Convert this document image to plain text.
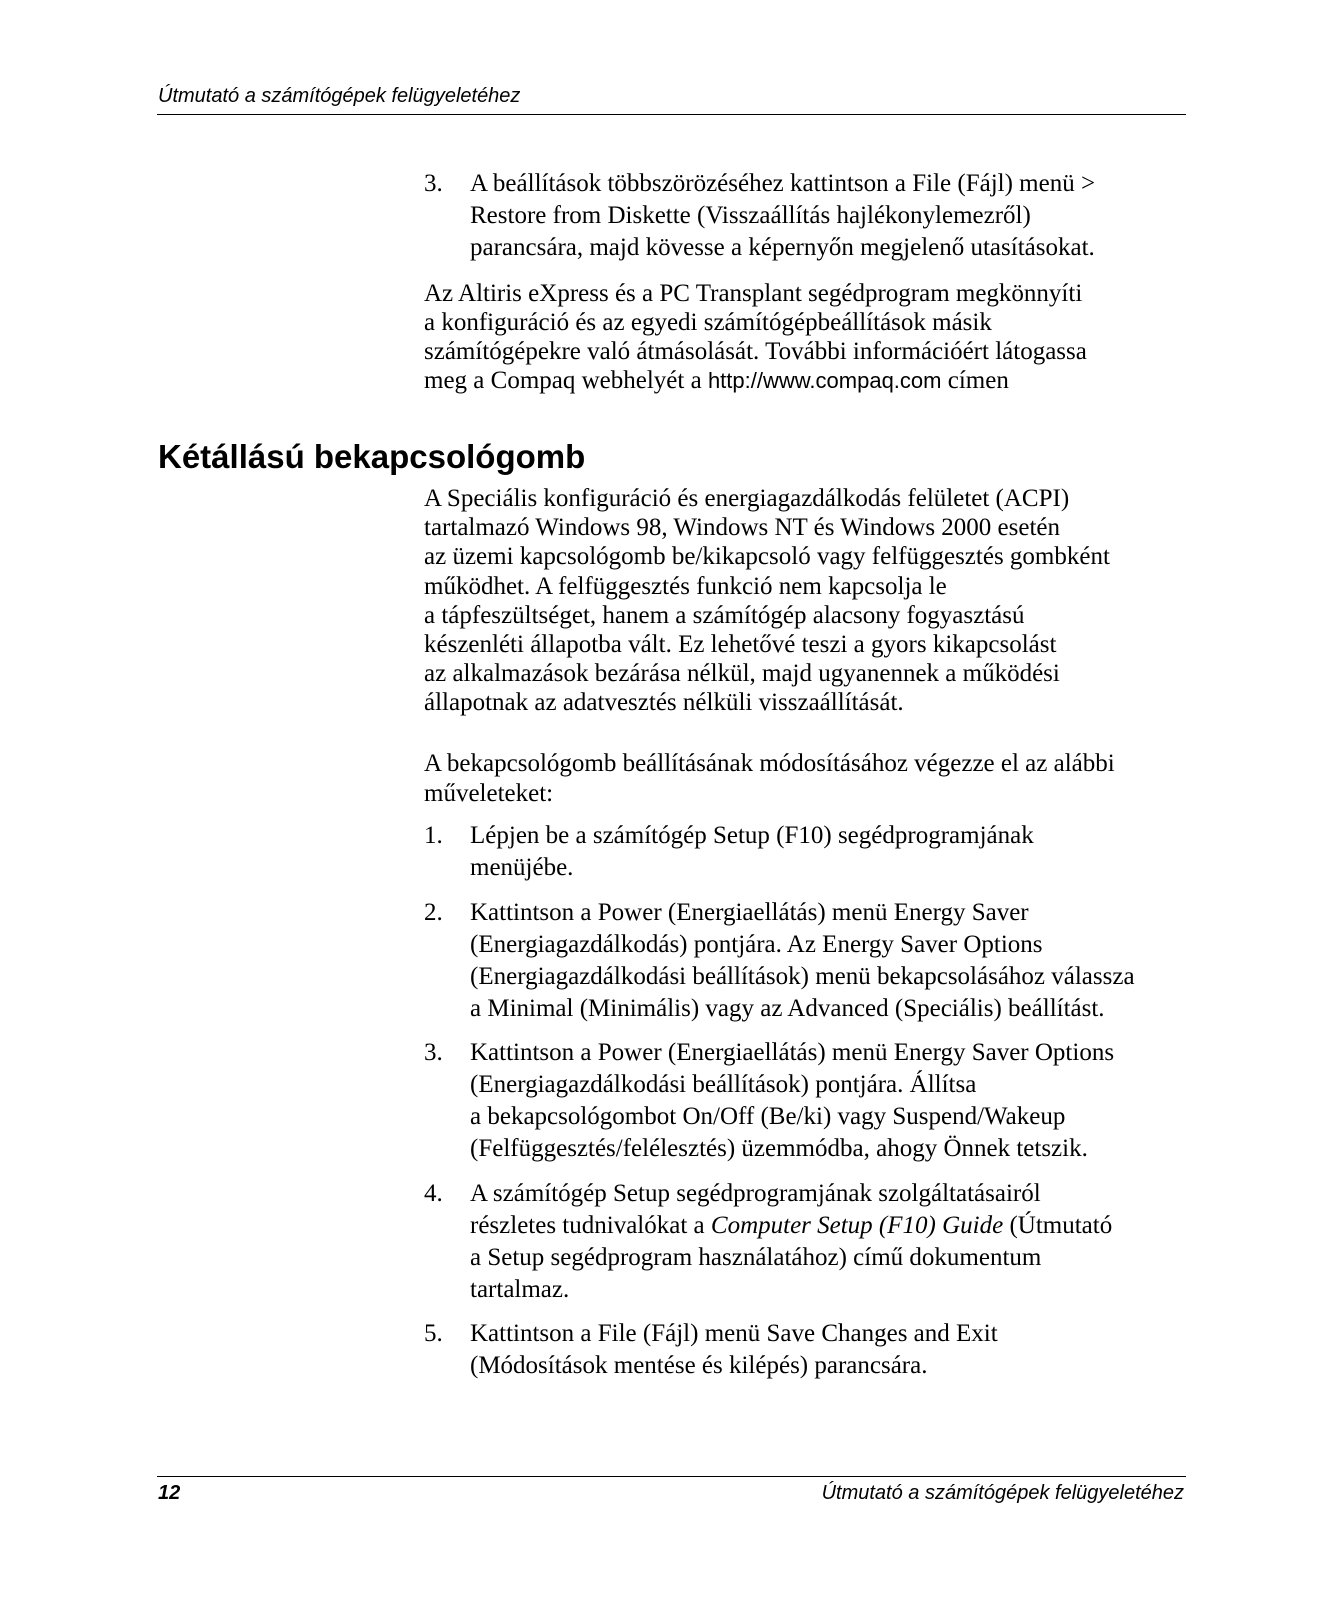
Útmutató a számítógépek felügyeletéhez
3. A beállítások többszörözéséhez kattintson a File (Fájl) menü >
Restore from Diskette (Visszaállítás hajlékonylemezről)
parancsára, majd kövesse a képernyőn megjelenő utasításokat.
Az Altiris eXpress és a PC Transplant segédprogram megkönnyíti
a konfiguráció és az egyedi számítógépbeállítások másik
számítógépekre való átmásolását. További információért látogassa
meg a Compaq webhelyét a http://www.compaq.com címen
Kétállású bekapcsológomb
A Speciális konfiguráció és energiagazdálkodás felületet (ACPI)
tartalmazó Windows 98, Windows NT és Windows 2000 esetén
az üzemi kapcsológomb be/kikapcsoló vagy felfüggesztés gombként
működhet. A felfüggesztés funkció nem kapcsolja le
a tápfeszültséget, hanem a számítógép alacsony fogyasztású
készenléti állapotba vált. Ez lehetővé teszi a gyors kikapcsolást
az alkalmazások bezárása nélkül, majd ugyanennek a működési
állapotnak az adatvesztés nélküli visszaállítását.
A bekapcsológomb beállításának módosításához végezze el az alábbi
műveleteket:
1. Lépjen be a számítógép Setup (F10) segédprogramjának
menüjébe.
2. Kattintson a Power (Energiaellátás) menü Energy Saver
(Energiagazdálkodás) pontjára. Az Energy Saver Options
(Energiagazdálkodási beállítások) menü bekapcsolásához válassza
a Minimal (Minimális) vagy az Advanced (Speciális) beállítást.
3. Kattintson a Power (Energiaellátás) menü Energy Saver Options
(Energiagazdálkodási beállítások) pontjára. Állítsa
a bekapcsológombot On/Off (Be/ki) vagy Suspend/Wakeup
(Felfüggesztés/felélesztés) üzemmódba, ahogy Önnek tetszik.
4. A számítógép Setup segédprogramjának szolgáltatásairól
részletes tudnivalókat a Computer Setup (F10) Guide (Útmutató
a Setup segédprogram használatához) című dokumentum
tartalmaz.
5. Kattintson a File (Fájl) menü Save Changes and Exit
(Módosítások mentése és kilépés) parancsára.
12	Útmutató a számítógépek felügyeletéhez
